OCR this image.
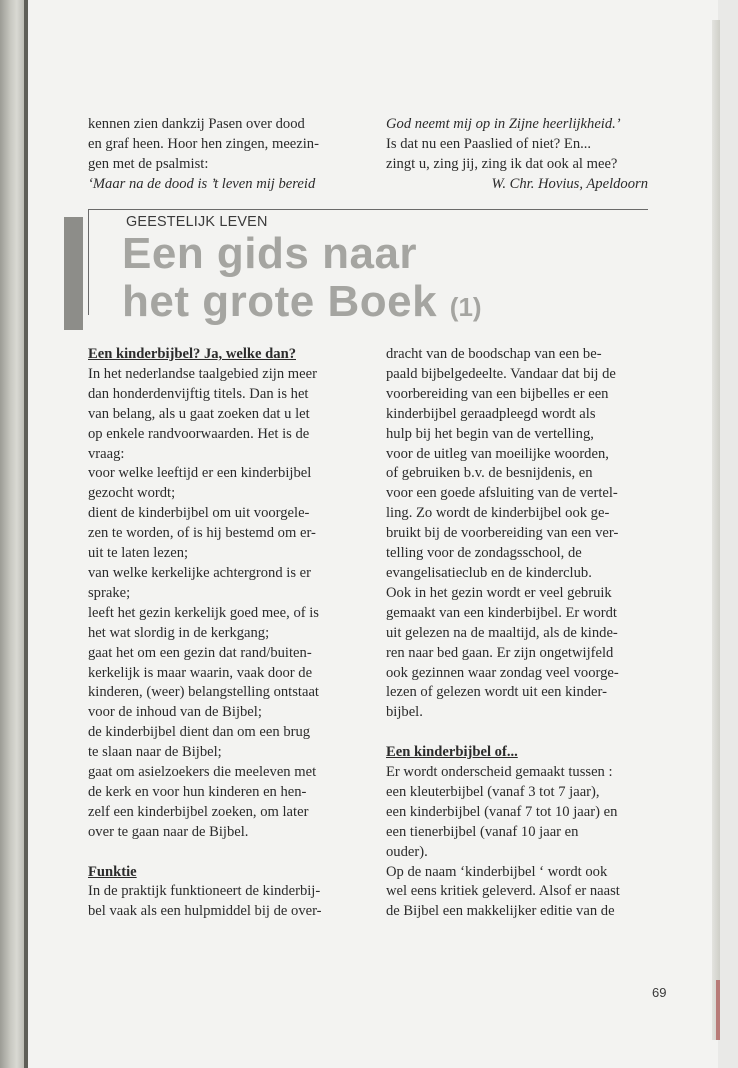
kennen zien dankzij Pasen over dood
en graf heen. Hoor hen zingen, meezin-
gen met de psalmist:
‘Maar na de dood is ’t leven mij bereid
God neemt mij op in Zijne heerlijkheid.’
Is dat nu een Paaslied of niet? En...
zingt u, zing jij, zing ik dat ook al mee?
W. Chr. Hovius, Apeldoorn
GEESTELIJK LEVEN
Een gids naar
het grote Boek (1)
Een kinderbijbel? Ja, welke dan?
In het nederlandse taalgebied zijn meer
dan honderdenvijftig titels. Dan is het
van belang, als u gaat zoeken dat u let
op enkele randvoorwaarden. Het is de
vraag:
voor welke leeftijd er een kinderbijbel
gezocht wordt;
dient de kinderbijbel om uit voorgele-
zen te worden, of is hij bestemd om er-
uit te laten lezen;
van welke kerkelijke achtergrond is er
sprake;
leeft het gezin kerkelijk goed mee, of is
het wat slordig in de kerkgang;
gaat het om een gezin dat rand/buiten-
kerkelijk is maar waarin, vaak door de
kinderen, (weer) belangstelling ontstaat
voor de inhoud van de Bijbel;
de kinderbijbel dient dan om een brug
te slaan naar de Bijbel;
gaat om asielzoekers die meeleven met
de kerk en voor hun kinderen en hen-
zelf een kinderbijbel zoeken, om later
over te gaan naar de Bijbel.

Funktie
In de praktijk funktioneert de kinderbij-
bel vaak als een hulpmiddel bij de over-
dracht van de boodschap van een be-
paald bijbelgedeelte. Vandaar dat bij de
voorbereiding van een bijbelles er een
kinderbijbel geraadpleegd wordt als
hulp bij het begin van de vertelling,
voor de uitleg van moeilijke woorden,
of gebruiken b.v. de besnijdenis, en
voor een goede afsluiting van de vertel-
ling. Zo wordt de kinderbijbel ook ge-
bruikt bij de voorbereiding van een ver-
telling voor de zondagsschool, de
evangelisatieclub en de kinderclub.
Ook in het gezin wordt er veel gebruik
gemaakt van een kinderbijbel. Er wordt
uit gelezen na de maaltijd, als de kinde-
ren naar bed gaan. Er zijn ongetwijfeld
ook gezinnen waar zondag veel voorge-
lezen of gelezen wordt uit een kinder-
bijbel.

Een kinderbijbel of...
Er wordt onderscheid gemaakt tussen :
een kleuterbijbel (vanaf 3 tot 7 jaar),
een kinderbijbel (vanaf 7 tot 10 jaar) en
een tienerbijbel (vanaf 10 jaar en
ouder).
Op de naam ‘kinderbijbel ‘ wordt ook
wel eens kritiek geleverd. Alsof er naast
de Bijbel een makkelijker editie van de
69
